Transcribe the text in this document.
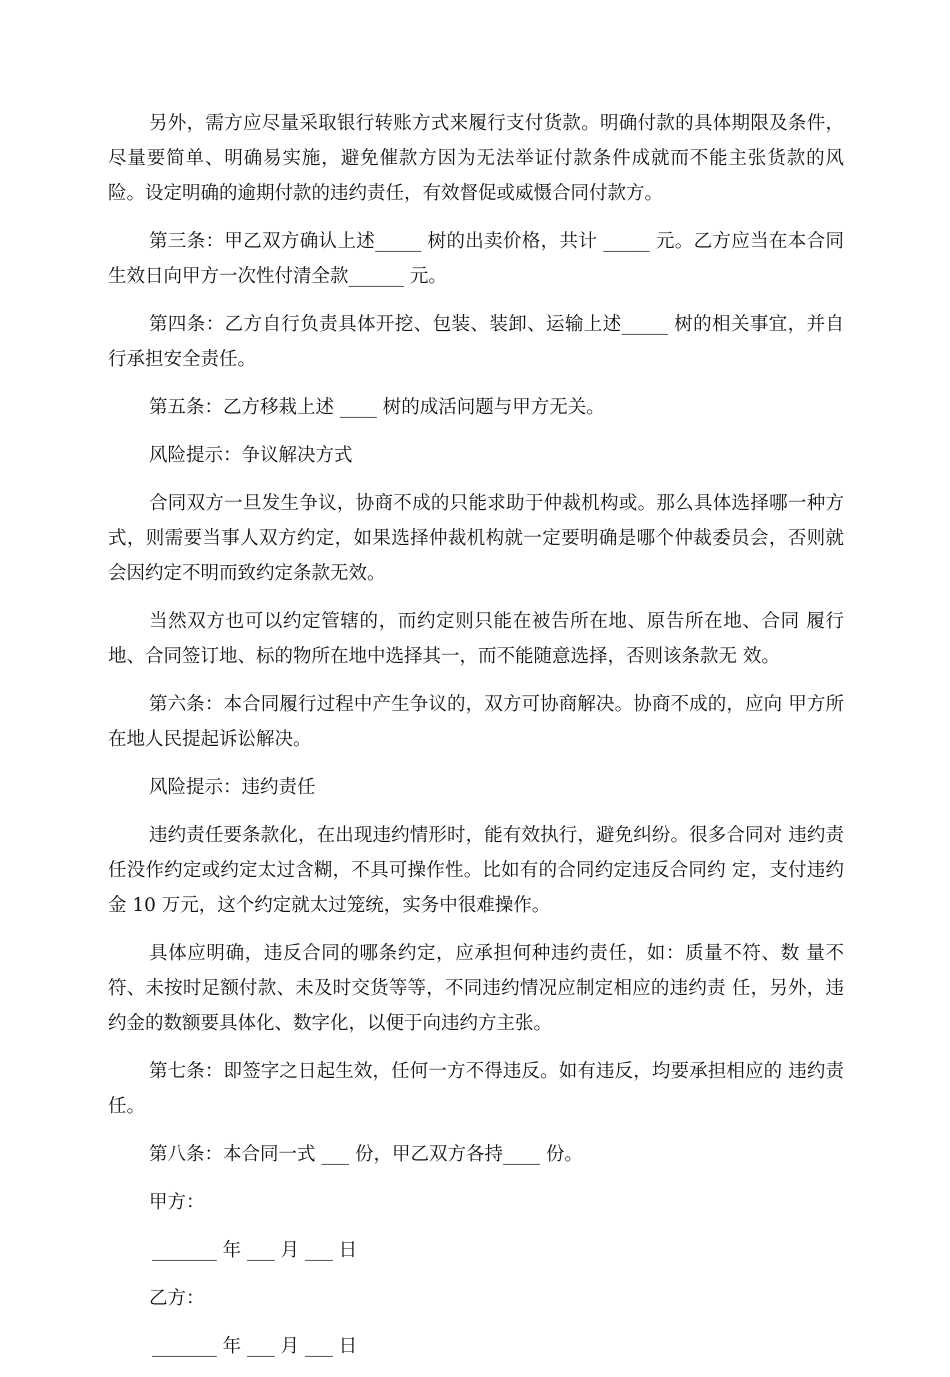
另外，需方应尽量采取银行转账方式来履行支付货款。明确付款的具体期限及条件，尽量要简单、明确易实施，避免催款方因为无法举证付款条件成就而不能主张货款的风险。设定明确的逾期付款的违约责任，有效督促或威慑合同付款方。

第三条：甲乙双方确认上述_____ 树的出卖价格，共计 _____ 元。乙方应当在本合同生效日向甲方一次性付清全款______ 元。

第四条：乙方自行负责具体开挖、包装、装卸、运输上述_____ 树的相关事宜，并自行承担安全责任。

第五条：乙方移栽上述 ____ 树的成活问题与甲方无关。

风险提示：争议解决方式

合同双方一旦发生争议，协商不成的只能求助于仲裁机构或。那么具体选择哪一种方式，则需要当事人双方约定，如果选择仲裁机构就一定要明确是哪个仲裁委员会，否则就会因约定不明而致约定条款无效。

当然双方也可以约定管辖的，而约定则只能在被告所在地、原告所在地、合同 履行地、合同签订地、标的物所在地中选择其一，而不能随意选择，否则该条款无 效。

第六条：本合同履行过程中产生争议的，双方可协商解决。协商不成的，应向 甲方所在地人民提起诉讼解决。

风险提示：违约责任

违约责任要条款化，在出现违约情形时，能有效执行，避免纠纷。很多合同对 违约责任没作约定或约定太过含糊，不具可操作性。比如有的合同约定违反合同约 定，支付违约金 10 万元，这个约定就太过笼统，实务中很难操作。

具体应明确，违反合同的哪条约定，应承担何种违约责任，如：质量不符、数 量不符、未按时足额付款、未及时交货等等，不同违约情况应制定相应的违约责 任，另外，违约金的数额要具体化、数字化，以便于向违约方主张。

第七条：即签字之日起生效，任何一方不得违反。如有违反，均要承担相应的 违约责任。

第八条：本合同一式 ___ 份，甲乙双方各持____ 份。

甲方：

_______ 年 ___ 月 ___ 日

乙方：

_______ 年 ___ 月 ___ 日
